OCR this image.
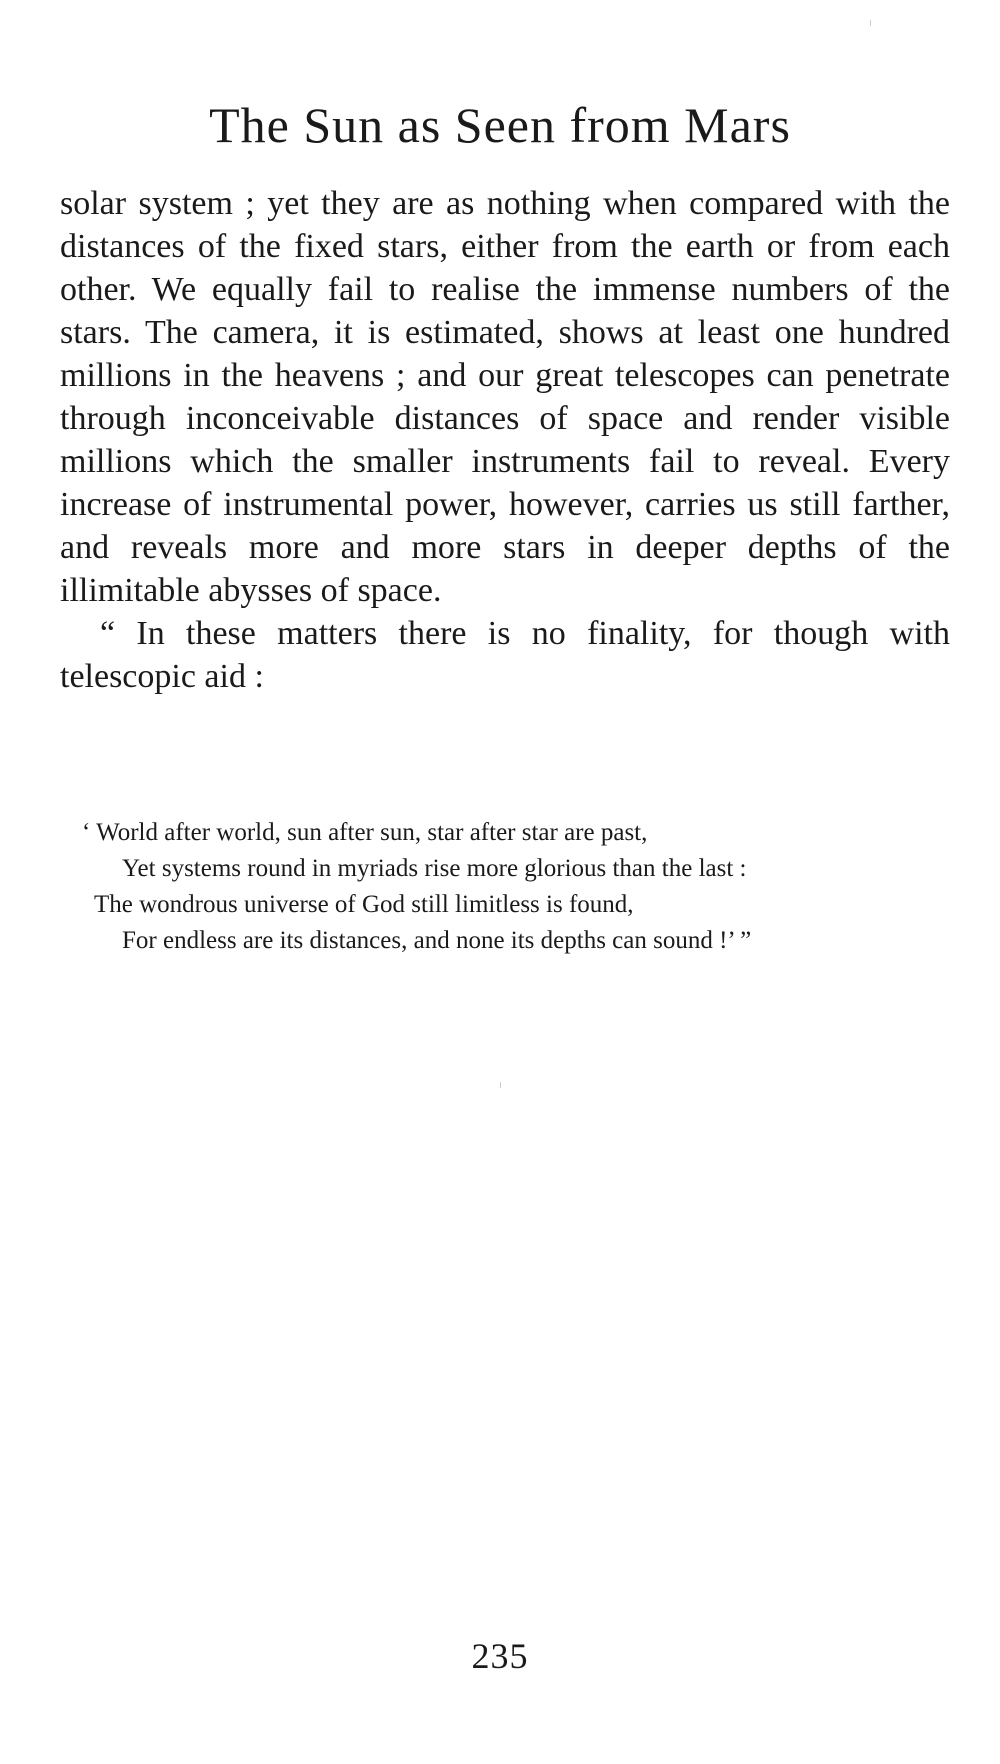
The Sun as Seen from Mars

solar system ; yet they are as nothing when compared with the distances of the fixed stars, either from the earth or from each other. We equally fail to realise the immense numbers of the stars. The camera, it is estimated, shows at least one hundred millions in the heavens ; and our great telescopes can penetrate through inconceivable distances of space and render visible millions which the smaller instruments fail to reveal. Every increase of instrumental power, however, carries us still farther, and reveals more and more stars in deeper depths of the illimitable abysses of space.

“ In these matters there is no finality, for though with telescopic aid :

‘ World after world, sun after sun, star after star are past,
Yet systems round in myriads rise more glorious than the last :
The wondrous universe of God still limitless is found,
For endless are its distances, and none its depths can sound !’ ”
235
